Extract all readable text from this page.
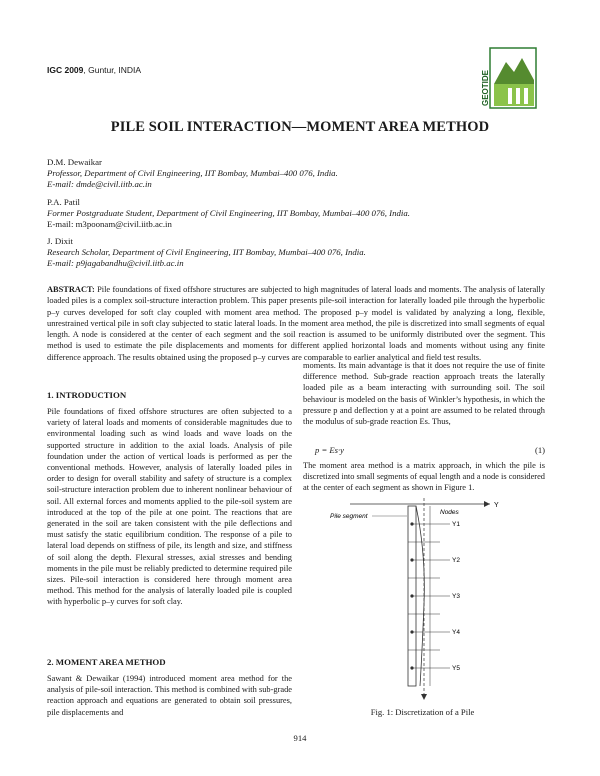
IGC 2009, Guntur, INDIA	GEOTIDE
PILE SOIL INTERACTION—MOMENT AREA METHOD

D.M. Dewaikar

Professor, Department of Civil Engineering, IIT Bombay, Mumbai–400 076, India.

E-mail: dmde@civil.iitb.ac.in

P.A. Patil

Former Postgraduate Student, Department of Civil Engineering, IIT Bombay, Mumbai–400 076, India.

E-mail: m3poonam@civil.iitb.ac.in

J. Dixit

Research Scholar, Department of Civil Engineering, IIT Bombay, Mumbai–400 076, India.

E-mail: p9jagabandhu@civil.iitb.ac.in

ABSTRACT: Pile foundations of fixed offshore structures are subjected to high magnitudes of lateral loads and moments. The analysis of laterally loaded piles is a complex soil-structure interaction problem. This paper presents pile-soil interaction for laterally loaded pile through the hyperbolic p–y curves developed for soft clay coupled with moment area method. The proposed p–y model is validated by analyzing a long, flexible, unrestrained vertical pile in soft clay subjected to static lateral loads. In the moment area method, the pile is discretized into small segments of equal length. A node is considered at the center of each segment and the soil reaction is assumed to be uniformly distributed over the segment. This method is used to estimate the pile displacements and moments for different applied horizontal loads and moments without using any finite difference approach. The results obtained using the proposed p–y curves are comparable to earlier analytical and field test results.
1. INTRODUCTION
Pile foundations of fixed offshore structures are often subjected to a variety of lateral loads and moments of considerable magnitudes due to environmental loading such as wind loads and wave loads on the supported structure in addition to the axial loads. Analysis of pile foundation under the action of vertical loads is performed as per the conventional methods. However, analysis of laterally loaded piles in order to design for overall stability and safety of structure is a complex soil-structure interaction problem due to inherent nonlinear behaviour of soil. All external forces and moments applied to the pile-soil system are introduced at the top of the pile at one point. The reactions that are generated in the soil are taken consistent with the pile deflections and must satisfy the static equilibrium condition. The response of a pile to lateral load depends on stiffness of pile, its length and size, and stiffness of soil along the depth. Flexural stresses, axial stresses and bending moments in the pile must be reliably predicted to determine required pile sizes. Pile-soil interaction is considered here through moment area method. This method for the analysis of laterally loaded pile is coupled with hyperbolic p–y curves for soft clay.
2. MOMENT AREA METHOD
Sawant & Dewaikar (1994) introduced moment area method for the analysis of pile-soil interaction. This method is combined with sub-grade reaction approach and equations are generated to obtain soil pressures, pile displacements and
moments. Its main advantage is that it does not require the use of finite difference method. Sub-grade reaction approach treats the laterally loaded pile as a beam interacting with surrounding soil. The soil behaviour is modeled on the basis of Winkler’s hypothesis, in which the pressure p and deflection y at a point are assumed to be related through the modulus of sub-grade reaction Es. Thus,
p = Es·y	(1)
The moment area method is a matrix approach, in which the pile is discretized into small segments of equal length and a node is considered at the center of each segment as shown in Figure 1.
Y
Y1
Y2
Y3
Y4
Y5
Pile segment
Nodes
Fig. 1: Discretization of a Pile
914
